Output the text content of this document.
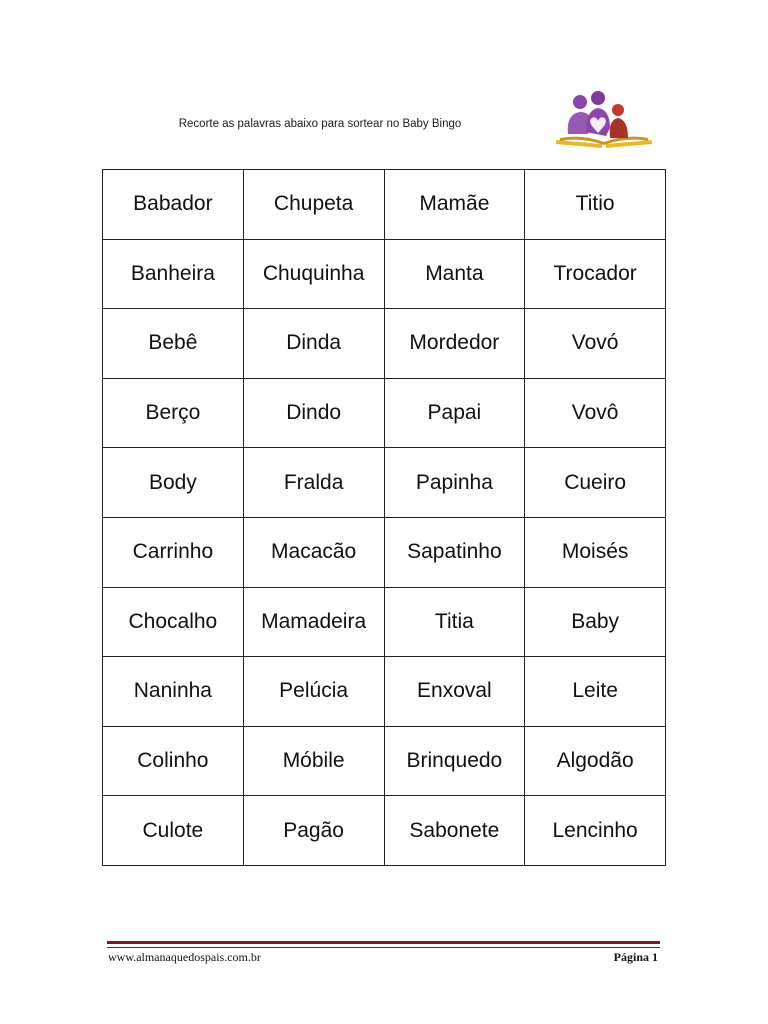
Recorte as palavras abaixo para sortear no Baby Bingo
Babador	Chupeta	Mamãe	Titio
Banheira	Chuquinha	Manta	Trocador
Bebê	Dinda	Mordedor	Vovó
Berço	Dindo	Papai	Vovô
Body	Fralda	Papinha	Cueiro
Carrinho	Macacão	Sapatinho	Moisés
Chocalho	Mamadeira	Titia	Baby
Naninha	Pelúcia	Enxoval	Leite
Colinho	Móbile	Brinquedo	Algodão
Culote	Pagão	Sabonete	Lencinho
www.almanaquedospais.com.br	Página 1
